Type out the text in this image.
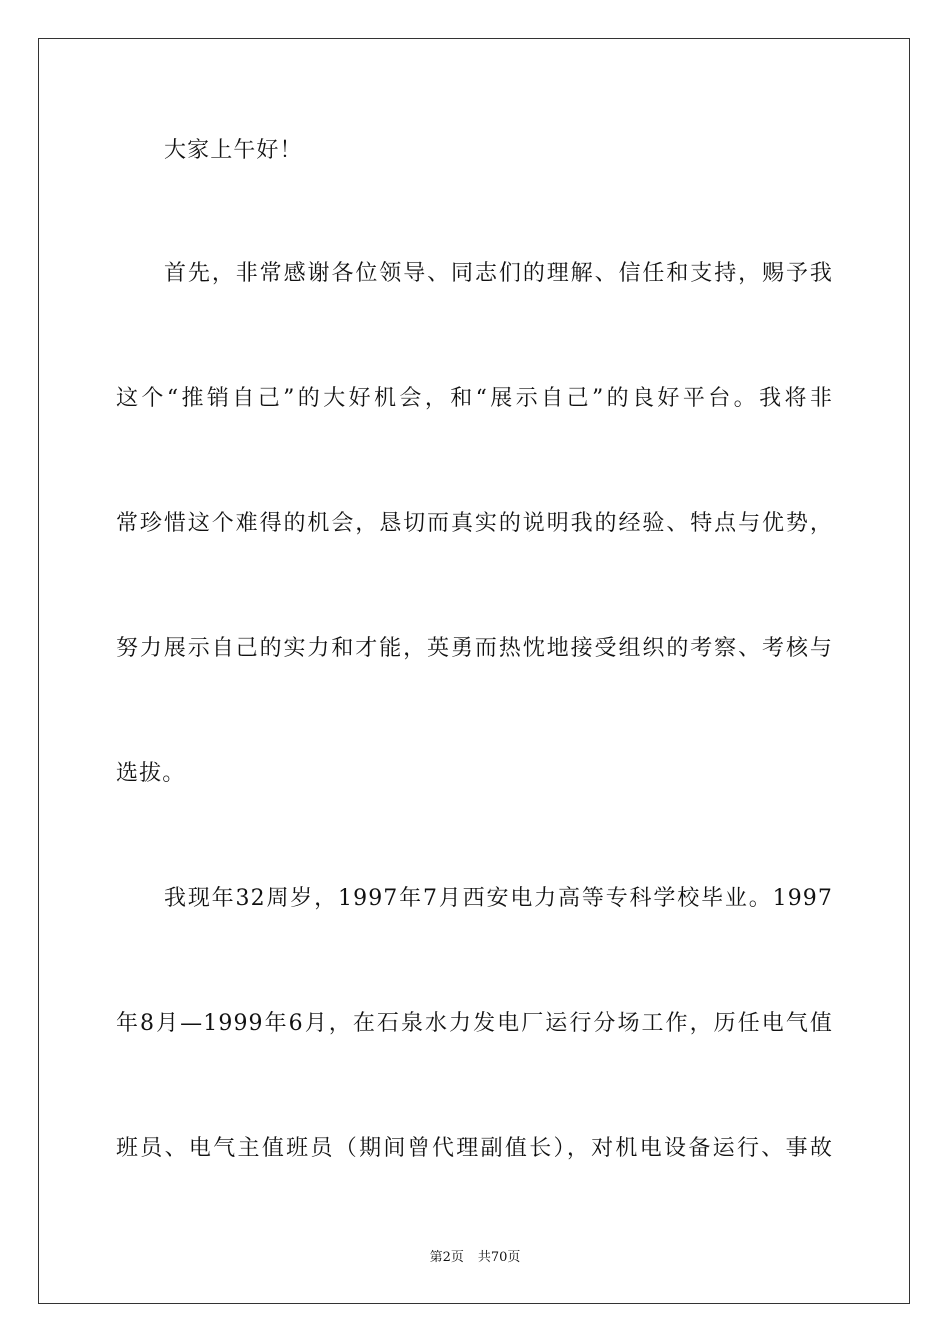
大家上午好！
首先，非常感谢各位领导、同志们的理解、信任和支持，赐予我
这个“推销自己”的大好机会，和“展示自己”的良好平台。我将非
常珍惜这个难得的机会，恳切而真实的说明我的经验、特点与优势，
努力展示自己的实力和才能，英勇而热忱地接受组织的考察、考核与
选拔。
我现年32周岁，1997年7月西安电力高等专科学校毕业。1997
年8月—1999年6月，在石泉水力发电厂运行分场工作，历任电气值
班员、电气主值班员（期间曾代理副值长），对机电设备运行、事故
第2页 共70页
